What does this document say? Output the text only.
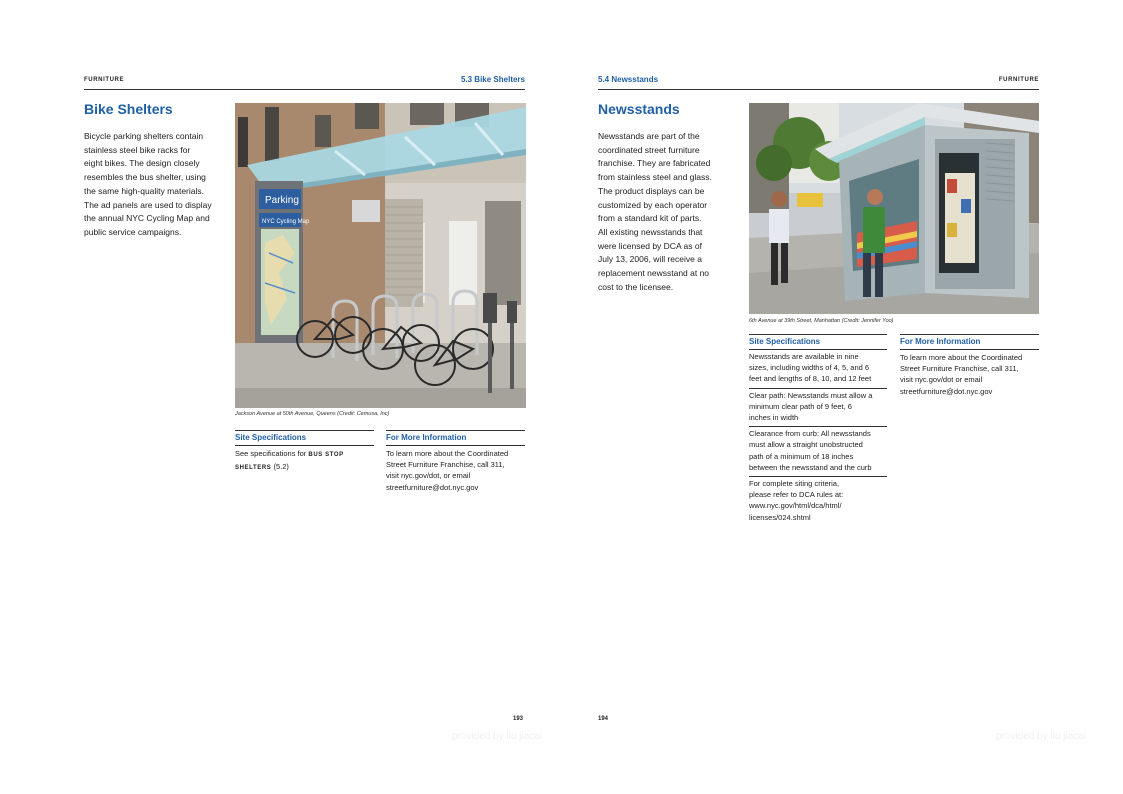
FURNITURE	5.3 Bike Shelters
Bike Shelters
Bicycle parking shelters contain
stainless steel bike racks for
eight bikes. The design closely
resembles the bus shelter, using
the same high-quality materials.
The ad panels are used to display
the annual NYC Cycling Map and
public service campaigns.
Parking
NYC Cycling Map
Jackson Avenue at 50th Avenue, Queens (Credit: Cemusa, Inc)
Site Specifications
See specifications for BUS STOP
SHELTERS (5.2)
For More Information
To learn more about the Coordinated
Street Furniture Franchise, call 311,
visit nyc.gov/dot, or email
streetfurniture@dot.nyc.gov
193
provided by liu jiacai
5.4 Newsstands	FURNITURE
Newsstands
Newsstands are part of the
coordinated street furniture
franchise. They are fabricated
from stainless steel and glass.
The product displays can be
customized by each operator
from a standard kit of parts.
All existing newsstands that
were licensed by DCA as of
July 13, 2006, will receive a
replacement newsstand at no
cost to the licensee.
6th Avenue at 39th Street, Manhattan (Credit: Jennifer Yoo)
Site Specifications
Newsstands are available in nine
sizes, including widths of 4, 5, and 6
feet and lengths of 8, 10, and 12 feet
Clear path: Newsstands must allow a
minimum clear path of 9 feet, 6
inches in width
Clearance from curb: All newsstands
must allow a straight unobstructed
path of a minimum of 18 inches
between the newsstand and the curb
For complete siting criteria,
please refer to DCA rules at:
www.nyc.gov/html/dca/html/
licenses/024.shtml
For More Information
To learn more about the Coordinated
Street Furniture Franchise, call 311,
visit nyc.gov/dot or email
streetfurniture@dot.nyc.gov
194
provided by liu jiacai
